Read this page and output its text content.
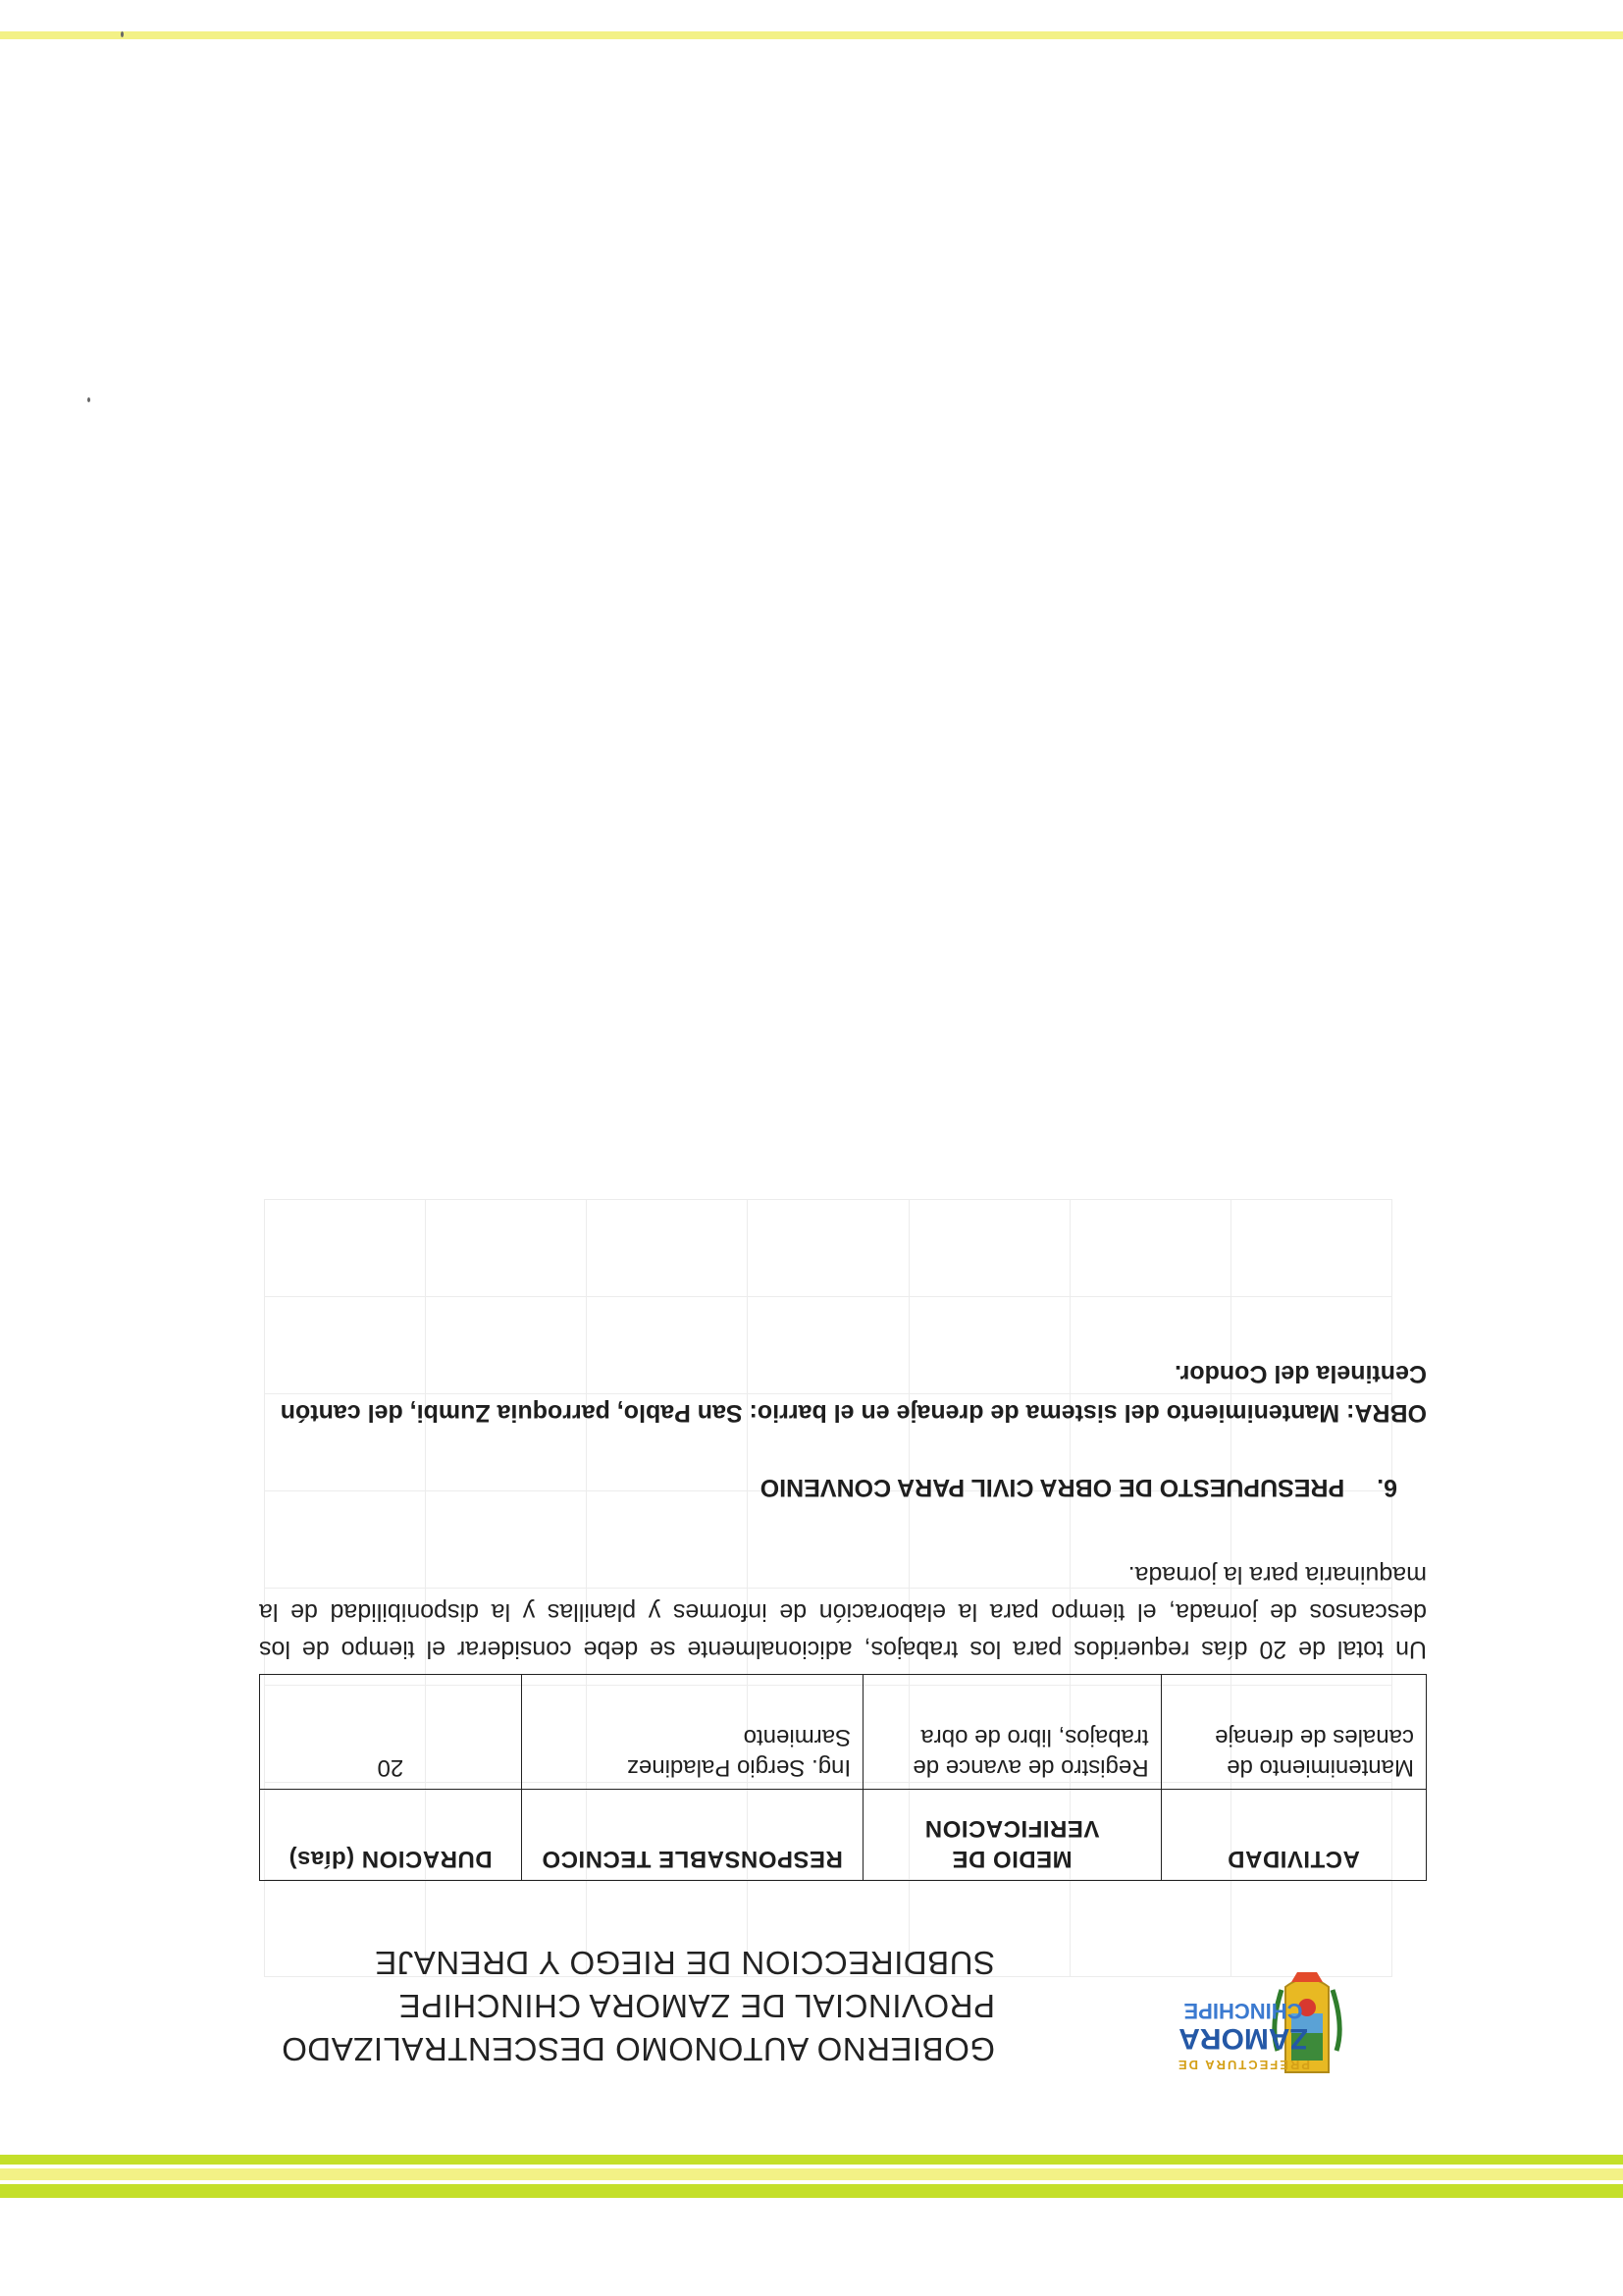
PREFECTURA DE
ZAMORA
CHINCHIPE
GOBIERNO AUTONOMO DESCENTRALIZADO
PROVINCIAL DE ZAMORA CHINCHIPE
SUBDIRECCION DE RIEGO Y DRENAJE
ACTIVIDAD	MEDIO DE VERIFICACION	RESPONSABLE TECNICO	DURACION (días)
Mantenimiento de canales de drenaje	Registro de avance de trabajos, libro de obra	Ing. Sergio Paladinez Sarmiento	20
Un total de 20 días requeridos para los trabajos, adicionalmente se debe considerar el tiempo de los descansos de jornada, el tiempo para la elaboración de informes y planillas y la disponibilidad de la maquinaria para la jornada.
6. PRESUPUESTO DE OBRA CIVIL PARA CONVENIO
OBRA: Mantenimiento del sistema de drenaje en el barrio: San Pablo, parroquia Zumbi, del cantón Centinela del Condor.
